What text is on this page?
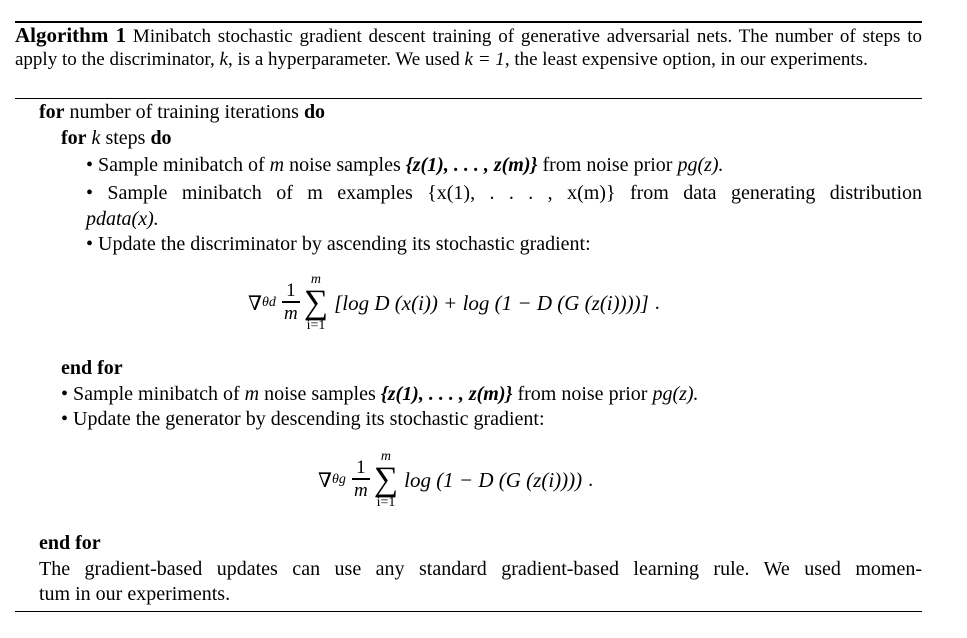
Algorithm 1 Minibatch stochastic gradient descent training of generative adversarial nets. The number of steps to apply to the discriminator, k, is a hyperparameter. We used k = 1, the least expensive option, in our experiments.
for number of training iterations do
for k steps do
• Sample minibatch of m noise samples {z(1), . . . , z(m)} from noise prior pg(z).
• Sample minibatch of m examples {x(1), . . . , x(m)} from data generating distribution
pdata(x).
• Update the discriminator by ascending its stochastic gradient:
∇ θd $\frac{1}{m}$
m
∑
i=1
[log D (x(i)) + log (1 − D (G (z(i))))] .
end for
• Sample minibatch of m noise samples {z(1), . . . , z(m)} from noise prior pg(z).
• Update the generator by descending its stochastic gradient:
∇ θg $\frac{1}{m}$
m
∑
i=1
log (1 − D (G (z(i)))) .
end for
The gradient-based updates can use any standard gradient-based learning rule. We used momen-
tum in our experiments.
